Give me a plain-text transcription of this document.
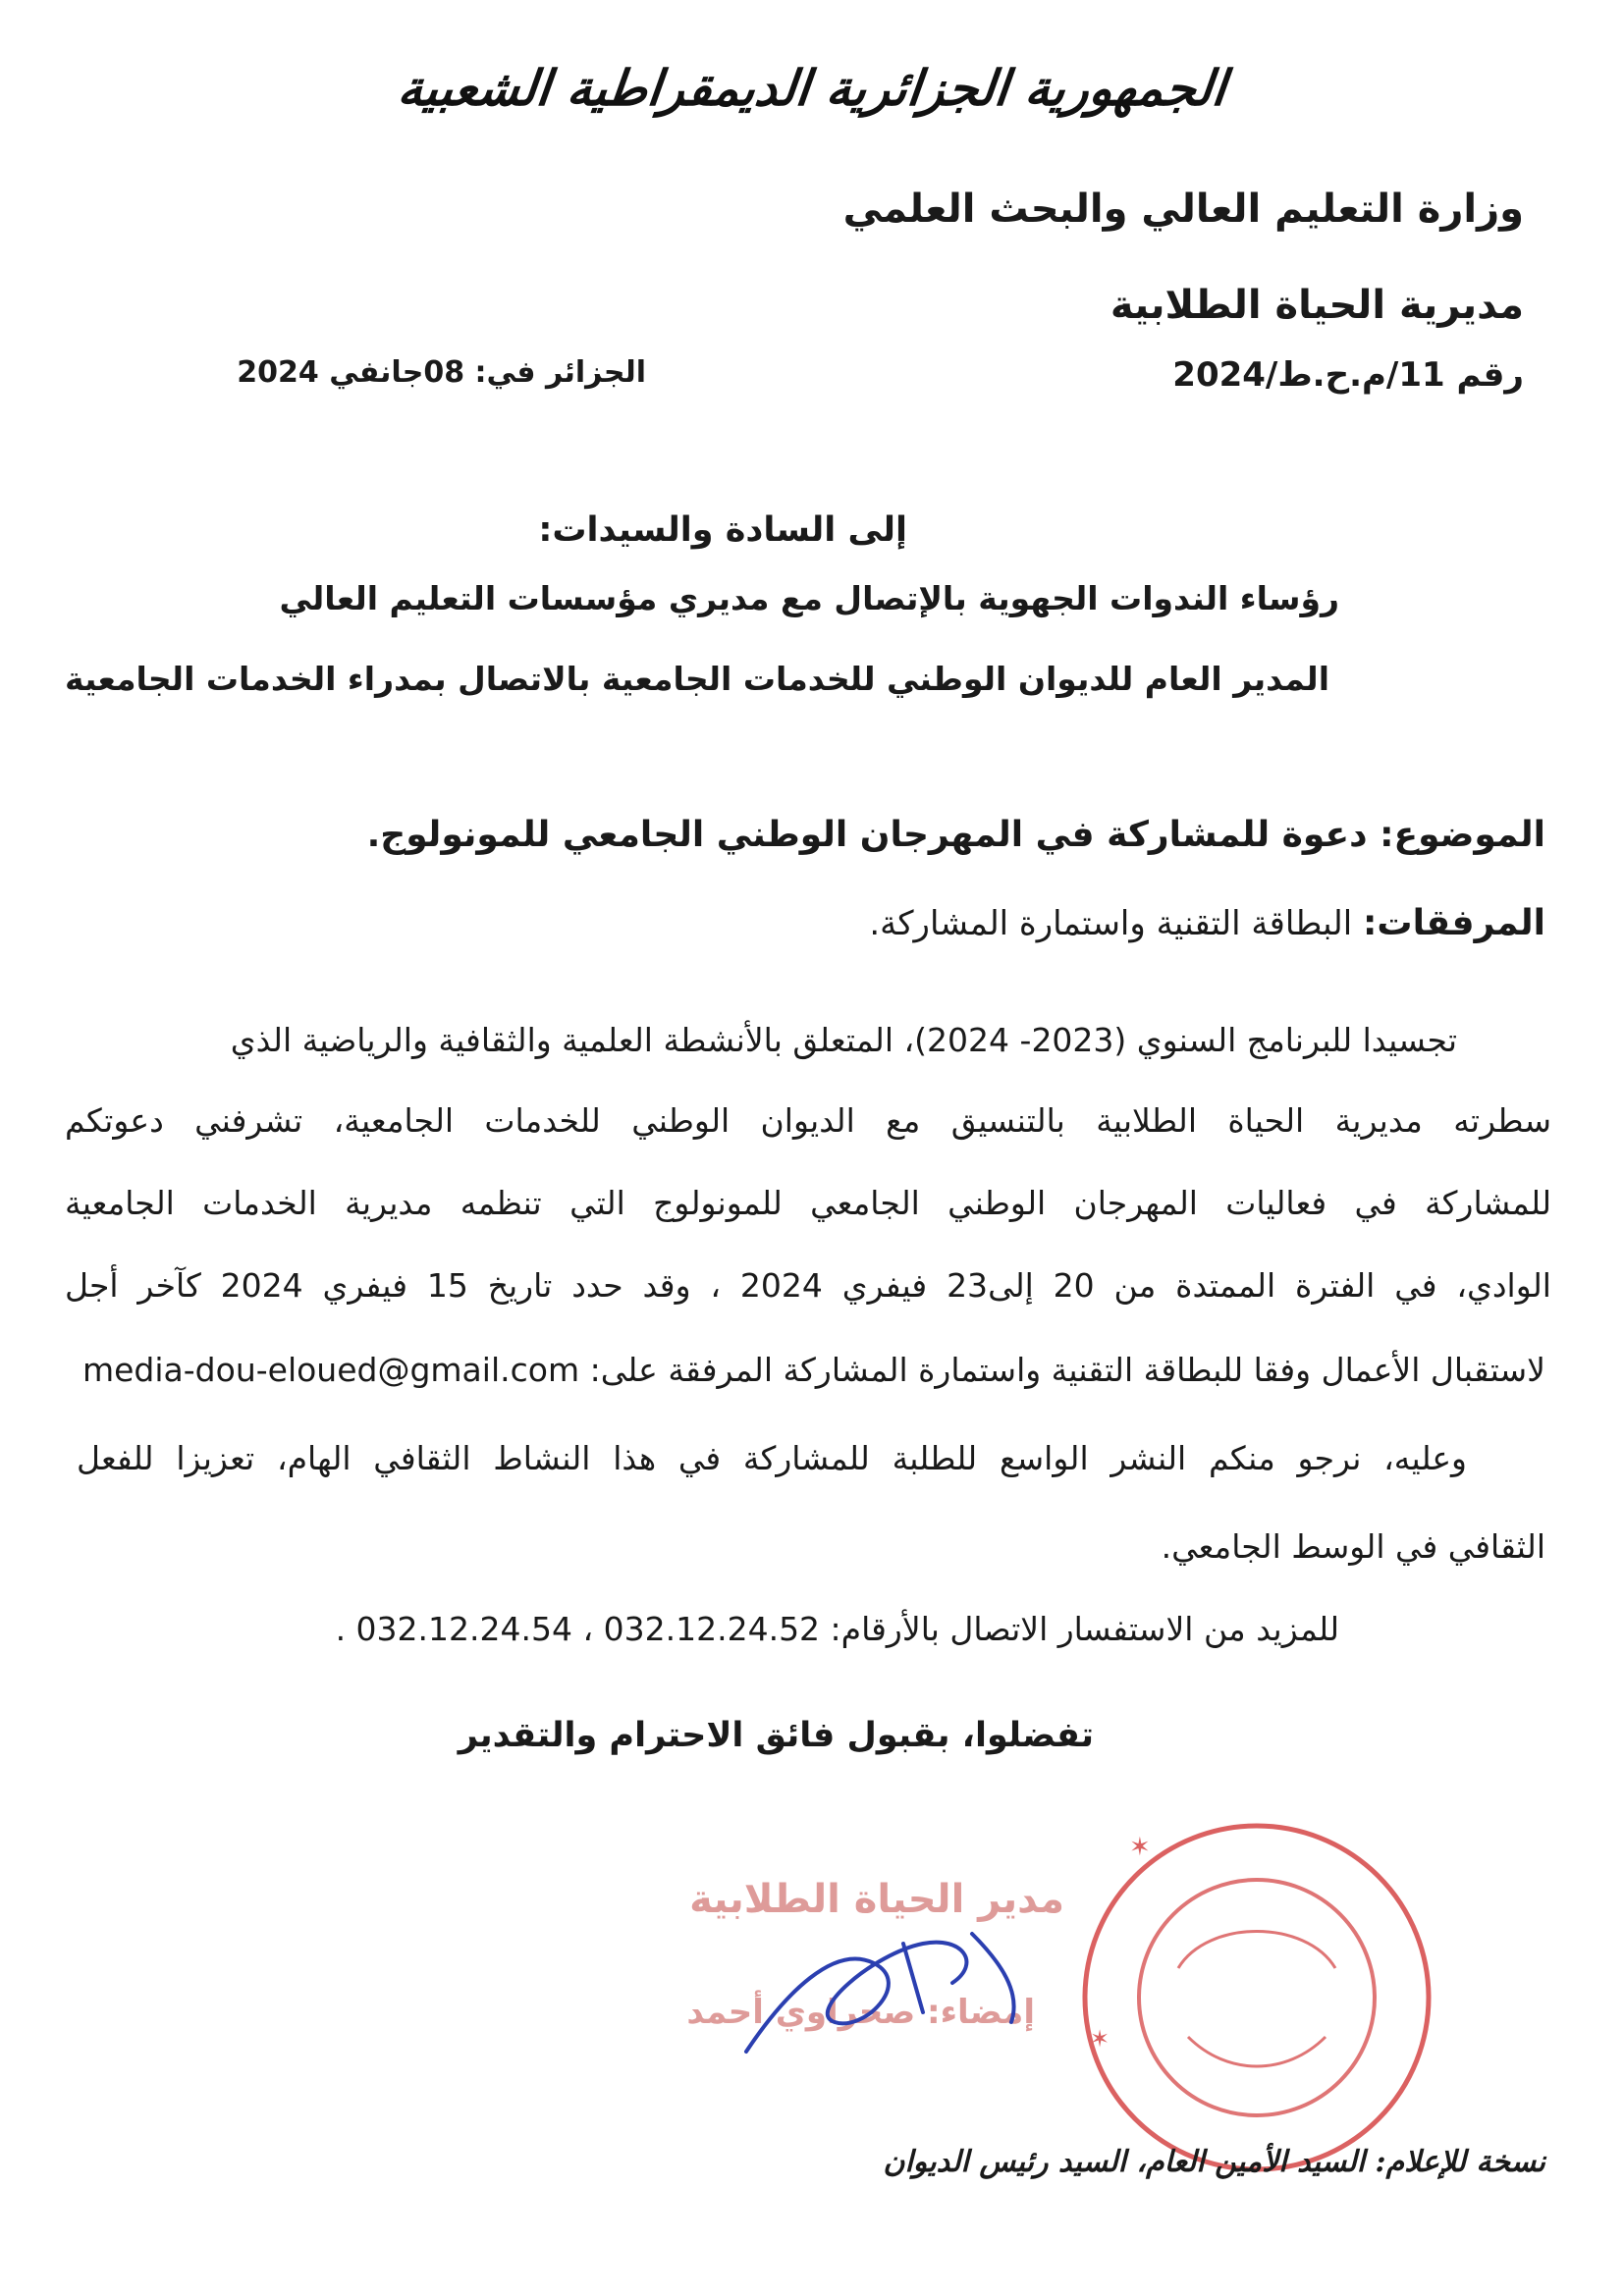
الجمهورية الجزائرية الديمقراطية الشعبية
وزارة التعليم العالي والبحث العلمي
مديرية الحياة الطلابية
رقم 11/م.ح.ط/2024
الجزائر في: 08جانفي 2024
إلى السادة والسيدات:
رؤساء الندوات الجهوية بالإتصال مع مديري مؤسسات التعليم العالي
المدير العام للديوان الوطني للخدمات الجامعية بالاتصال بمدراء الخدمات الجامعية
الموضوع: دعوة للمشاركة في المهرجان الوطني الجامعي للمونولوج.
المرفقات: البطاقة التقنية واستمارة المشاركة.
تجسيدا للبرنامج السنوي (2023- 2024)، المتعلق بالأنشطة العلمية والثقافية والرياضية الذي
سطرته مديرية الحياة الطلابية بالتنسيق مع الديوان الوطني للخدمات الجامعية، تشرفني دعوتكم
للمشاركة في فعاليات المهرجان الوطني الجامعي للمونولوج التي تنظمه مديرية الخدمات الجامعية
الوادي، في الفترة الممتدة من 20 إلى23 فيفري 2024 ، وقد حدد تاريخ 15 فيفري 2024 كآخر أجل
لاستقبال الأعمال وفقا للبطاقة التقنية واستمارة المشاركة المرفقة على: media-dou-eloued@gmail.com
وعليه، نرجو منكم النشر الواسع للطلبة للمشاركة في هذا النشاط الثقافي الهام، تعزيزا للفعل
الثقافي في الوسط الجامعي.
للمزيد من الاستفسار الاتصال بالأرقام: 032.12.24.52 ، 032.12.24.54 .
تفضلوا، بقبول فائق الاحترام والتقدير
مدير الحياة الطلابية
إمضاء: صحراوي أحمد
✶
✶
نسخة للإعلام: السيد الأمين العام، السيد رئيس الديوان
